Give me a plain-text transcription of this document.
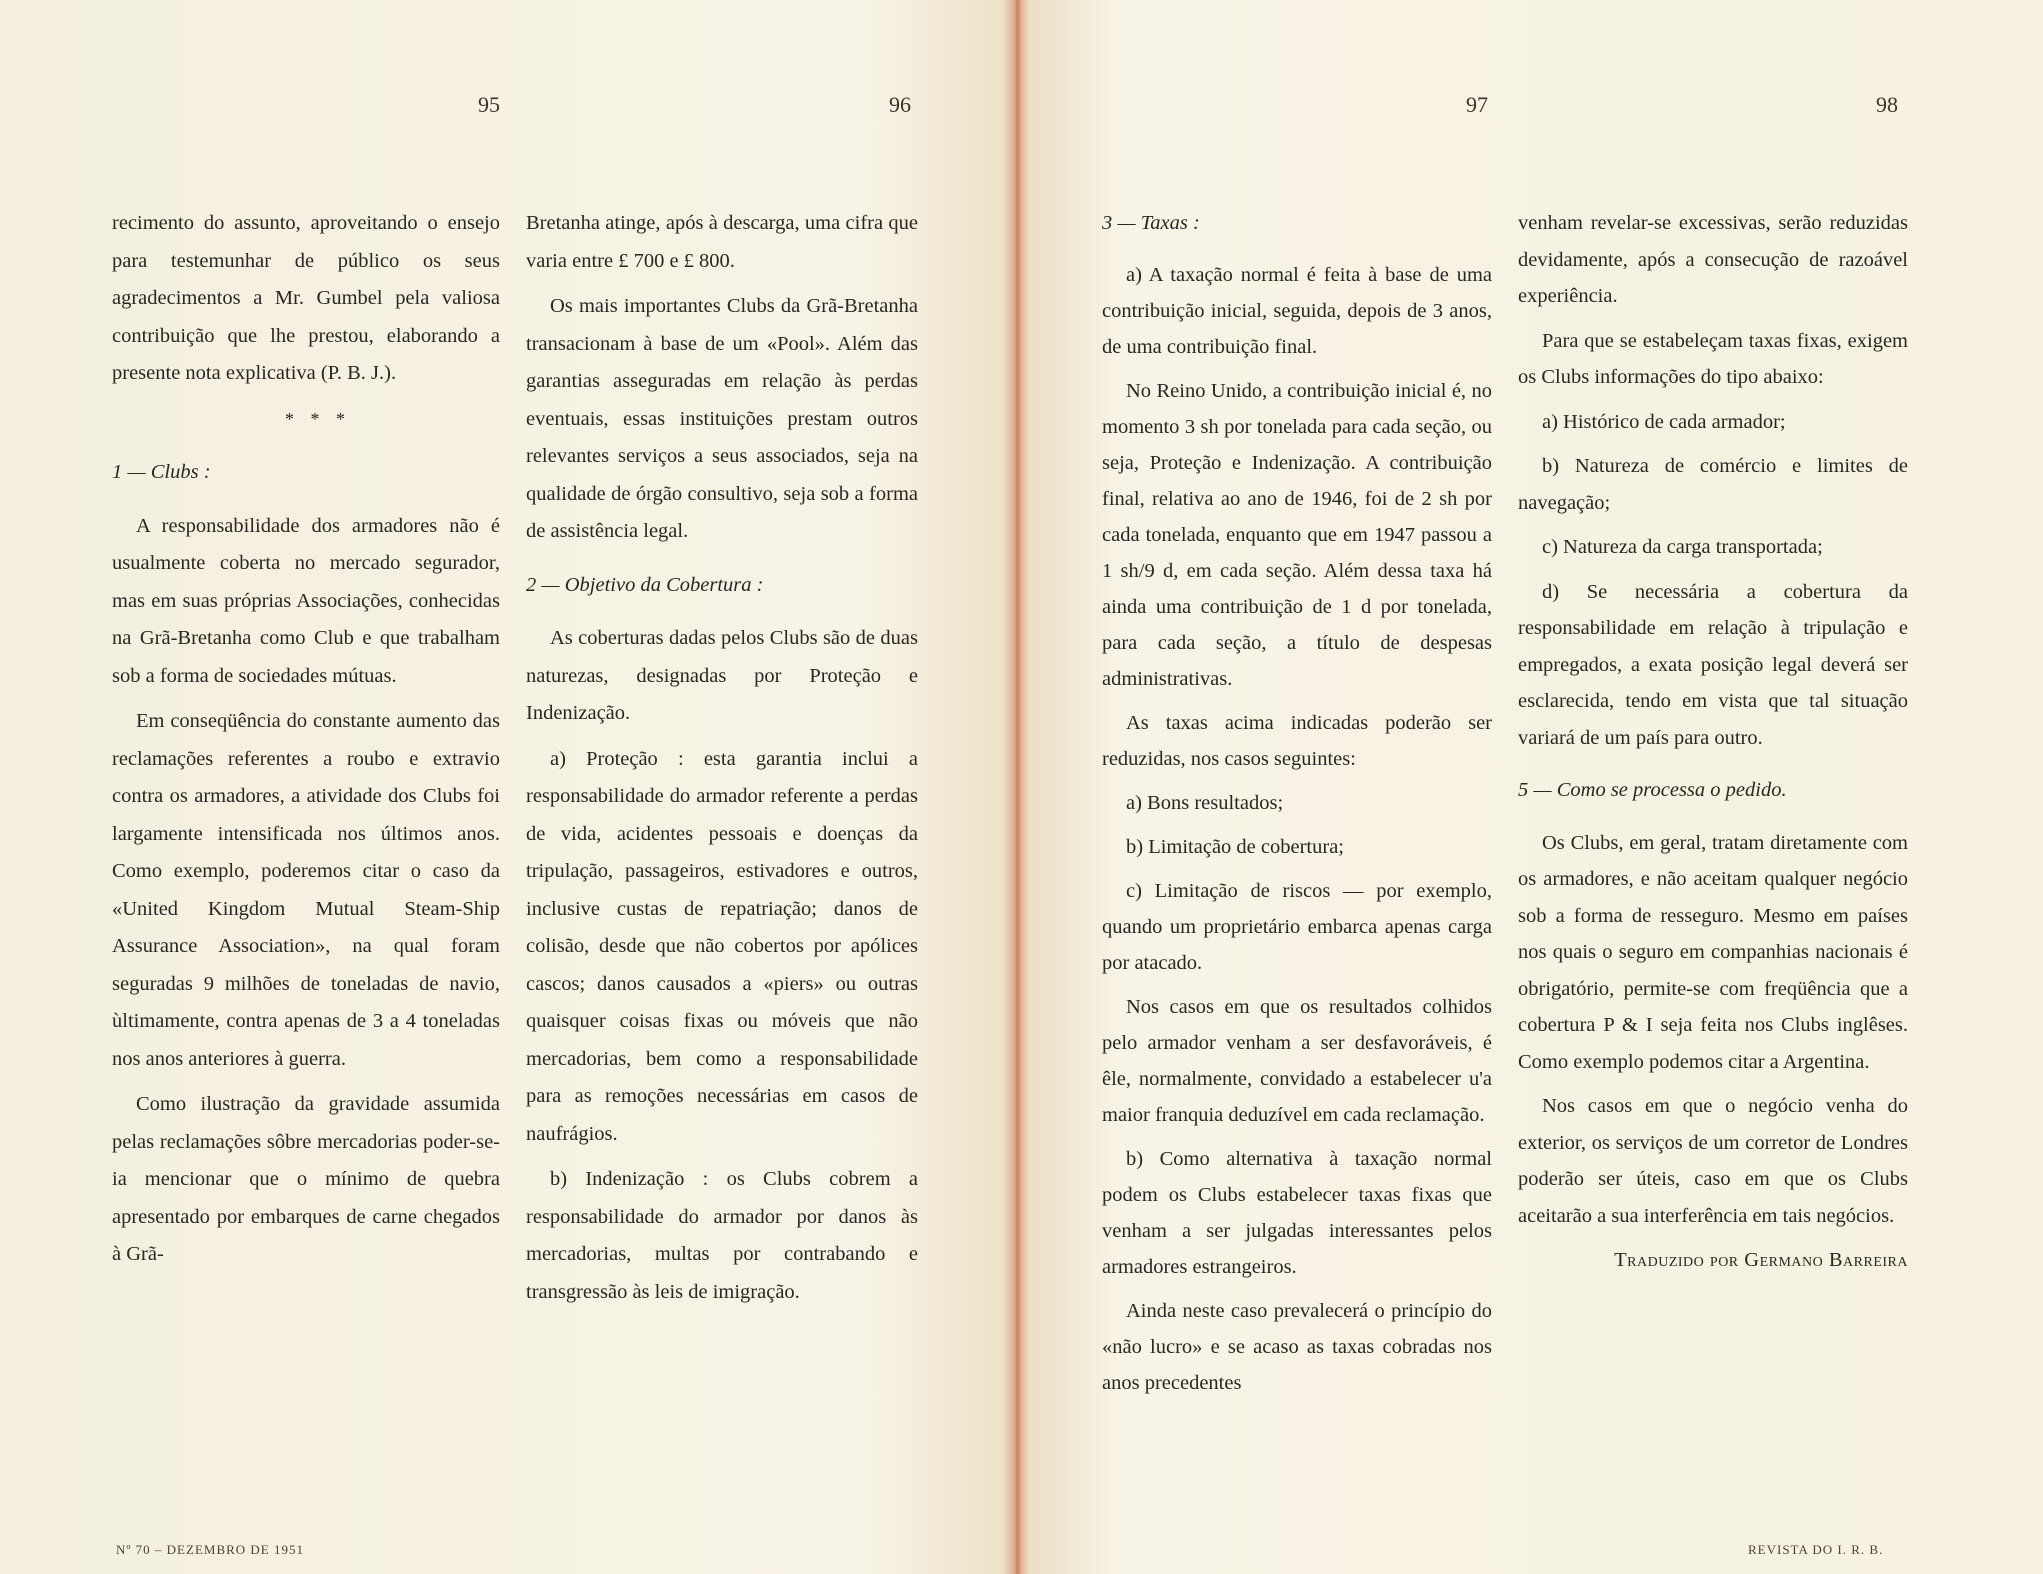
95	96	97	98

recimento do assunto, aproveitando o ensejo para testemunhar de público os seus agradecimentos a Mr. Gumbel pela valiosa contribuição que lhe prestou, elaborando a presente nota explicativa (P. B. J.).

* * *

1 — Clubs :

A responsabilidade dos armadores não é usualmente coberta no mercado segurador, mas em suas próprias Associações, conhecidas na Grã-Bretanha como Club e que trabalham sob a forma de sociedades mútuas.

Em conseqüência do constante aumento das reclamações referentes a roubo e extravio contra os armadores, a atividade dos Clubs foi largamente intensificada nos últimos anos. Como exemplo, poderemos citar o caso da «United Kingdom Mutual Steam-Ship Assurance Association», na qual foram seguradas 9 milhões de toneladas de navio, ùltimamente, contra apenas de 3 a 4 toneladas nos anos anteriores à guerra.

Como ilustração da gravidade assumida pelas reclamações sôbre mercadorias poder-se-ia mencionar que o mínimo de quebra apresentado por embarques de carne chegados à Grã-

Bretanha atinge, após à descarga, uma cifra que varia entre £ 700 e £ 800.

Os mais importantes Clubs da Grã-Bretanha transacionam à base de um «Pool». Além das garantias asseguradas em relação às perdas eventuais, essas instituições prestam outros relevantes serviços a seus associados, seja na qualidade de órgão consultivo, seja sob a forma de assistência legal.

2 — Objetivo da Cobertura :

As coberturas dadas pelos Clubs são de duas naturezas, designadas por Proteção e Indenização.

a) Proteção : esta garantia inclui a responsabilidade do armador referente a perdas de vida, acidentes pessoais e doenças da tripulação, passageiros, estivadores e outros, inclusive custas de repatriação; danos de colisão, desde que não cobertos por apólices cascos; danos causados a «piers» ou outras quaisquer coisas fixas ou móveis que não mercadorias, bem como a responsabilidade para as remoções necessárias em casos de naufrágios.

b) Indenização : os Clubs cobrem a responsabilidade do armador por danos às mercadorias, multas por contrabando e transgressão às leis de imigração.

3 — Taxas :

a) A taxação normal é feita à base de uma contribuição inicial, seguida, depois de 3 anos, de uma contribuição final.

No Reino Unido, a contribuição inicial é, no momento 3 sh por tonelada para cada seção, ou seja, Proteção e Indenização. A contribuição final, relativa ao ano de 1946, foi de 2 sh por cada tonelada, enquanto que em 1947 passou a 1 sh/9 d, em cada seção. Além dessa taxa há ainda uma contribuição de 1 d por tonelada, para cada seção, a título de despesas administrativas.

As taxas acima indicadas poderão ser reduzidas, nos casos seguintes:

a) Bons resultados;

b) Limitação de cobertura;

c) Limitação de riscos — por exemplo, quando um proprietário embarca apenas carga por atacado.

Nos casos em que os resultados colhidos pelo armador venham a ser desfavoráveis, é êle, normalmente, convidado a estabelecer u'a maior franquia deduzível em cada reclamação.

b) Como alternativa à taxação normal podem os Clubs estabelecer taxas fixas que venham a ser julgadas interessantes pelos armadores estrangeiros.

Ainda neste caso prevalecerá o princípio do «não lucro» e se acaso as taxas cobradas nos anos precedentes

venham revelar-se excessivas, serão reduzidas devidamente, após a consecução de razoável experiência.

Para que se estabeleçam taxas fixas, exigem os Clubs informações do tipo abaixo:

a) Histórico de cada armador;

b) Natureza de comércio e limites de navegação;

c) Natureza da carga transportada;

d) Se necessária a cobertura da responsabilidade em relação à tripulação e empregados, a exata posição legal deverá ser esclarecida, tendo em vista que tal situação variará de um país para outro.

5 — Como se processa o pedido.

Os Clubs, em geral, tratam diretamente com os armadores, e não aceitam qualquer negócio sob a forma de resseguro. Mesmo em países nos quais o seguro em companhias nacionais é obrigatório, permite-se com freqüência que a cobertura P & I seja feita nos Clubs inglêses. Como exemplo podemos citar a Argentina.

Nos casos em que o negócio venha do exterior, os serviços de um corretor de Londres poderão ser úteis, caso em que os Clubs aceitarão a sua interferência em tais negócios.

Traduzido por Germano Barreira

Nº 70 – DEZEMBRO DE 1951	REVISTA DO I. R. B.
